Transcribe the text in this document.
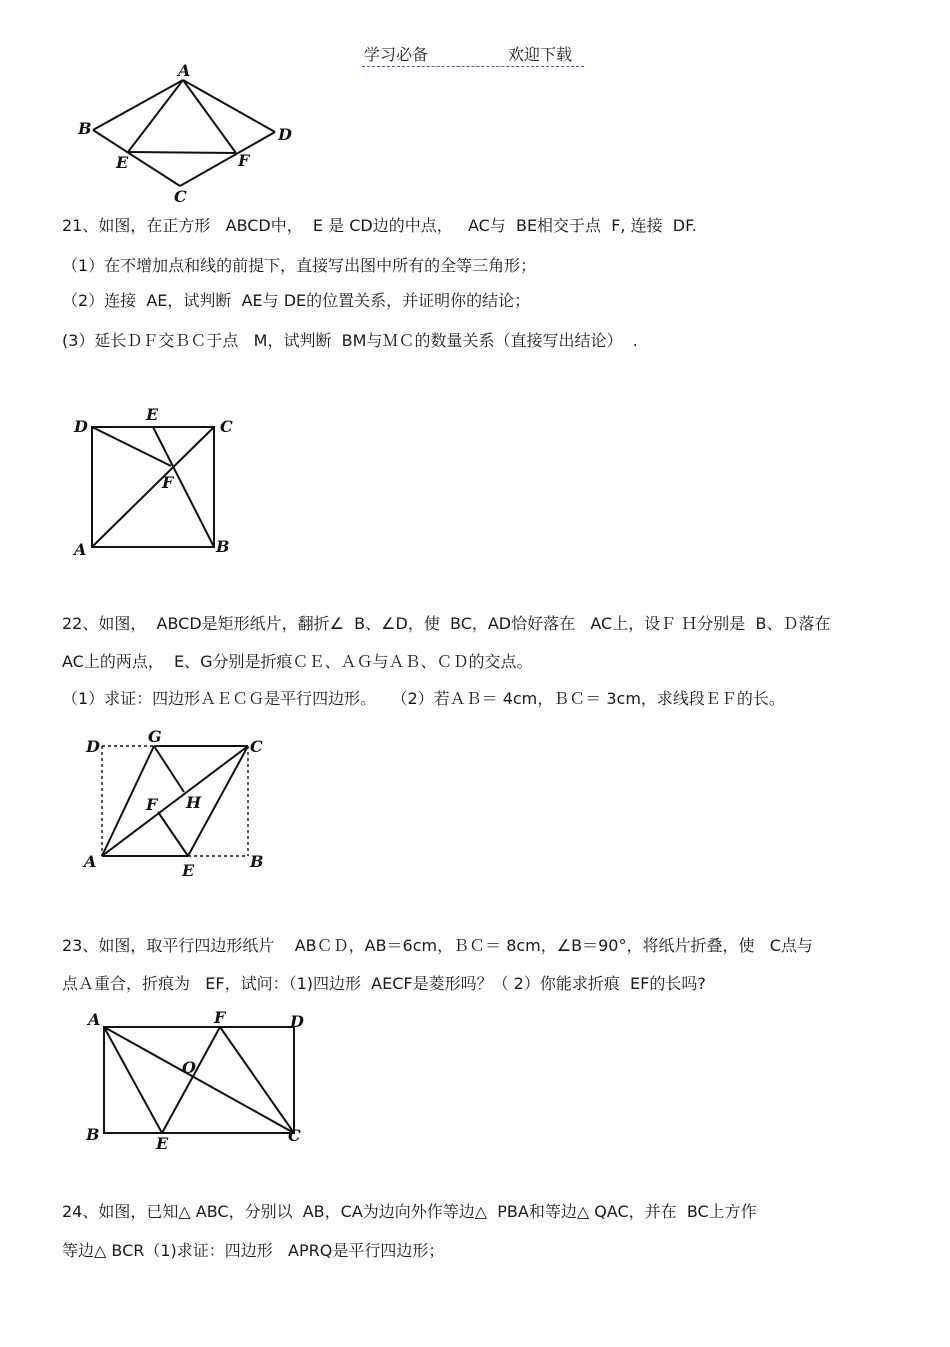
学习必备	欢迎下载
A
B	D
E	F
C
21、如图，在正方形   ABCD中，  E 是 CD边的中点，   AC与  BE相交于点  F, 连接  DF.
（1）在不增加点和线的前提下，直接写出图中所有的全等三角形；
（2）连接  AE，试判断  AE与 DE的位置关系，并证明你的结论；
(3）延长ＤＦ交ＢＣ于点   M，试判断  BM与ＭＣ的数量关系（直接写出结论）  .
D
E
C
F
A	B
22、如图，  ABCD是矩形纸片，翻折∠  B、∠D，使  BC，AD恰好落在   AC上，设Ｆ Ｈ分别是  B、Ｄ落在
AC上的两点，  E、G分别是折痕ＣＥ、ＡＧ与ＡＢ、ＣＤ的交点。
（1）求证：四边形ＡＥＣＧ是平行四边形。   （2）若ＡＢ＝ 4cm，ＢＣ＝ 3cm，求线段ＥＦ的长。
D
G
C
F H
A	E	B
23、如图，取平行四边形纸片    ABＣＤ，AB＝6cm，ＢＣ＝ 8cm，∠B＝90°，将纸片折叠，使   C点与
点Ａ重合，折痕为   EF，试问：（1)四边形  AECF是菱形吗？（ 2）你能求折痕  EF的长吗?
A	F	D
O
B	E	C
24、如图，已知△ ABC，分别以  AB，CA为边向外作等边△  PBA和等边△ QAC，并在  BC上方作
等边△ BCR（1)求证：四边形   APRQ是平行四边形；
